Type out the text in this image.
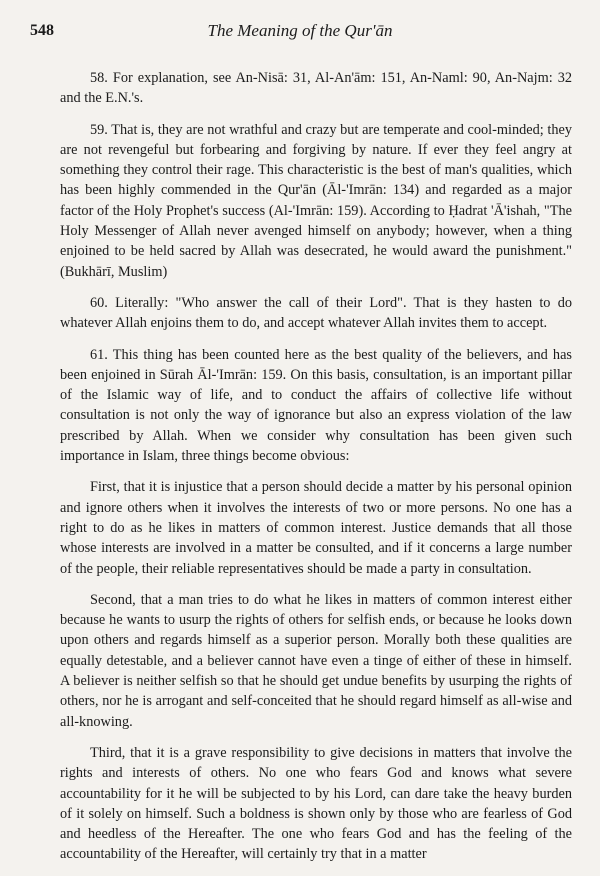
548	The Meaning of the Qur'ān

58. For explanation, see An-Nisā: 31, Al-An'ām: 151, An-Naml: 90, An-Najm: 32 and the E.N.'s.

59. That is, they are not wrathful and crazy but are temperate and cool-minded; they are not revengeful but forbearing and forgiving by nature. If ever they feel angry at something they control their rage. This characteristic is the best of man's qualities, which has been highly commended in the Qur'ān (Āl-'Imrān: 134) and regarded as a major factor of the Holy Prophet's success (Al-'Imrān: 159). According to Ḥadrat 'Ā'ishah, "The Holy Messenger of Allah never avenged himself on anybody; however, when a thing enjoined to be held sacred by Allah was desecrated, he would award the punishment." (Bukhārī, Muslim)

60. Literally: "Who answer the call of their Lord". That is they hasten to do whatever Allah enjoins them to do, and accept whatever Allah invites them to accept.

61. This thing has been counted here as the best quality of the believers, and has been enjoined in Sūrah Āl-'Imrān: 159. On this basis, consultation, is an important pillar of the Islamic way of life, and to conduct the affairs of collective life without consultation is not only the way of ignorance but also an express violation of the law prescribed by Allah. When we consider why consultation has been given such importance in Islam, three things become obvious:

First, that it is injustice that a person should decide a matter by his personal opinion and ignore others when it involves the interests of two or more persons. No one has a right to do as he likes in matters of common interest. Justice demands that all those whose interests are involved in a matter be consulted, and if it concerns a large number of the people, their reliable representatives should be made a party in consultation.

Second, that a man tries to do what he likes in matters of common interest either because he wants to usurp the rights of others for selfish ends, or because he looks down upon others and regards himself as a superior person. Morally both these qualities are equally detestable, and a believer cannot have even a tinge of either of these in himself. A believer is neither selfish so that he should get undue benefits by usurping the rights of others, nor he is arrogant and self-conceited that he should regard himself as all-wise and all-knowing.

Third, that it is a grave responsibility to give decisions in matters that involve the rights and interests of others. No one who fears God and knows what severe accountability for it he will be subjected to by his Lord, can dare take the heavy burden of it solely on himself. Such a boldness is shown only by those who are fearless of God and heedless of the Hereafter. The one who fears God and has the feeling of the accountability of the Hereafter, will certainly try that in a matter
